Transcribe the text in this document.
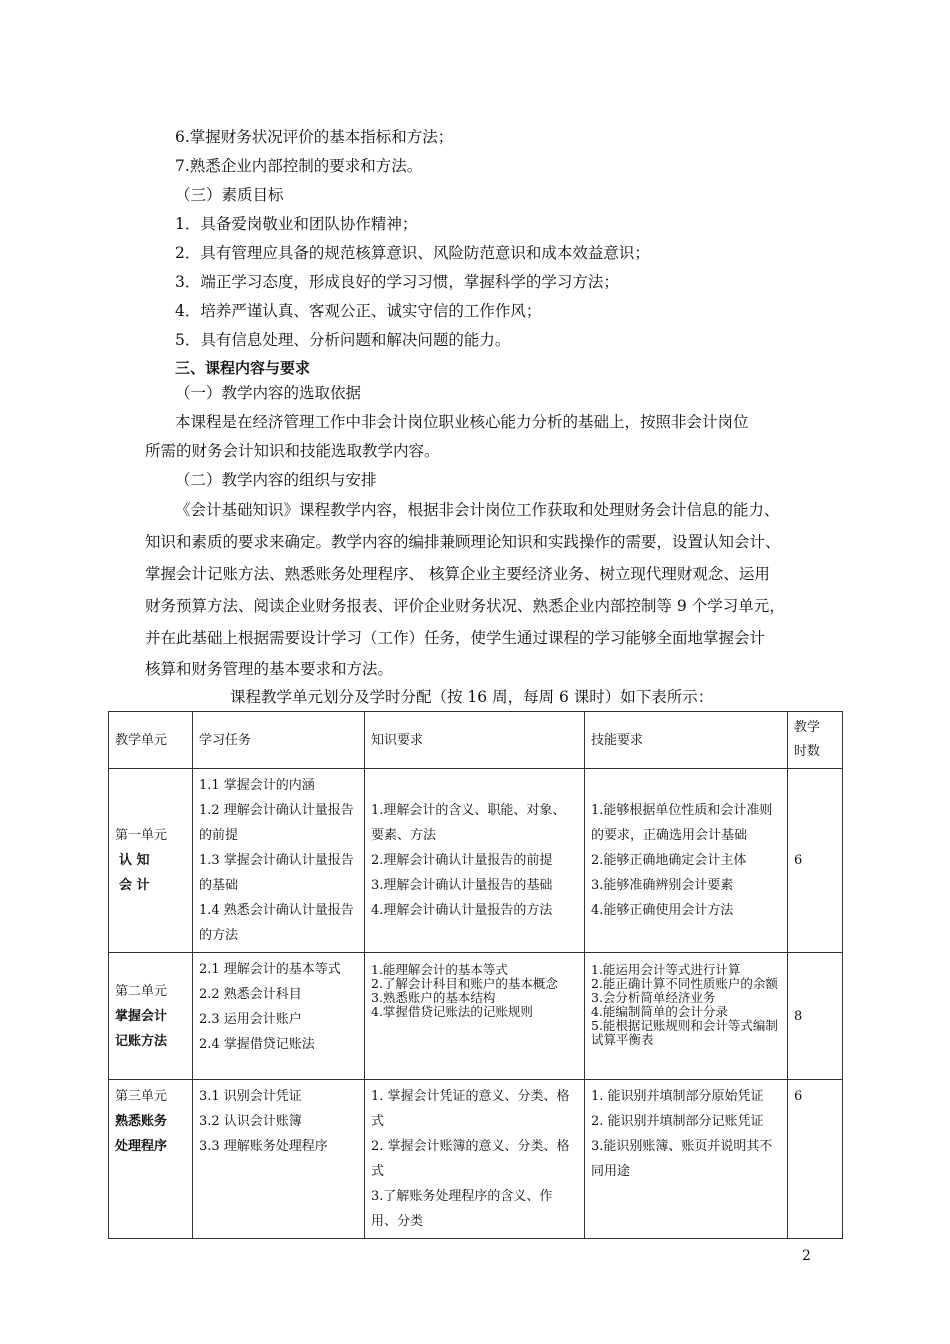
6.掌握财务状况评价的基本指标和方法；
7.熟悉企业内部控制的要求和方法。
（三）素质目标
1．具备爱岗敬业和团队协作精神；
2．具有管理应具备的规范核算意识、风险防范意识和成本效益意识；
3．端正学习态度，形成良好的学习习惯，掌握科学的学习方法；
4．培养严谨认真、客观公正、诚实守信的工作作风；
5．具有信息处理、分析问题和解决问题的能力。
三、课程内容与要求
（一）教学内容的选取依据
本课程是在经济管理工作中非会计岗位职业核心能力分析的基础上，按照非会计岗位
所需的财务会计知识和技能选取教学内容。
（二）教学内容的组织与安排
《会计基础知识》课程教学内容，根据非会计岗位工作获取和处理财务会计信息的能力、
知识和素质的要求来确定。教学内容的编排兼顾理论知识和实践操作的需要，设置认知会计、
掌握会计记账方法、熟悉账务处理程序、 核算企业主要经济业务、树立现代理财观念、运用
财务预算方法、阅读企业财务报表、评价企业财务状况、熟悉企业内部控制等 9 个学习单元，
并在此基础上根据需要设计学习（工作）任务，使学生通过课程的学习能够全面地掌握会计
核算和财务管理的基本要求和方法。
课程教学单元划分及学时分配（按 16 周，每周 6 课时）如下表所示：
教学单元	学习任务	知识要求	技能要求	教学
时数

第一单元
认 知
会 计	1.1 掌握会计的内涵
1.2 理解会计确认计量报告的前提
1.3 掌握会计确认计量报告的基础
1.4 熟悉会计确认计量报告的方法	1.理解会计的含义、职能、对象、要素、方法
2.理解会计确认计量报告的前提
3.理解会计确认计量报告的基础
4.理解会计确认计量报告的方法	1.能够根据单位性质和会计准则的要求，正确选用会计基础
2.能够正确地确定会计主体
3.能够准确辨别会计要素
4.能够正确使用会计方法	6

第二单元
掌握会计
记账方法	2.1 理解会计的基本等式
2.2 熟悉会计科目
2.3 运用会计账户
2.4 掌握借贷记账法	1.能理解会计的基本等式
2.了解会计科目和账户的基本概念
3.熟悉账户的基本结构
4.掌握借贷记账法的记账规则	1.能运用会计等式进行计算
2.能正确计算不同性质账户的余额
3.会分析简单经济业务
4.能编制简单的会计分录
5.能根据记账规则和会计等式编制试算平衡表	8

第三单元
熟悉账务
处理程序	3.1 识别会计凭证
3.2 认识会计账簿
3.3 理解账务处理程序	1. 掌握会计凭证的意义、分类、格式
2. 掌握会计账簿的意义、分类、格式
3.了解账务处理程序的含义、作用、分类	1. 能识别并填制部分原始凭证
2. 能识别并填制部分记账凭证
3.能识别账簿、账页并说明其不同用途	6
2
